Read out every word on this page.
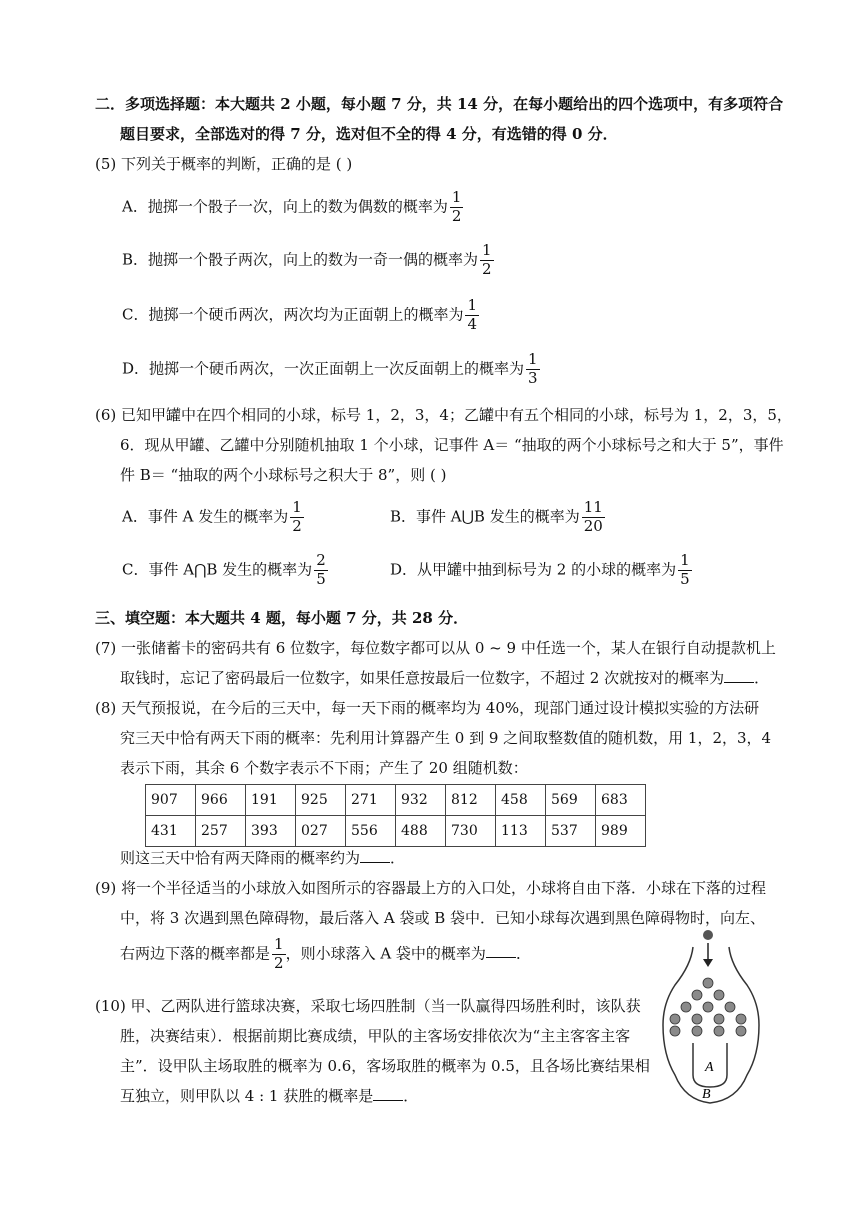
二．多项选择题：本大题共 2 小题，每小题 7 分，共 14 分，在每小题给出的四个选项中，有多项符合
题目要求，全部选对的得 7 分，选对但不全的得 4 分，有选错的得 0 分．
(5) 下列关于概率的判断，正确的是 ( )
A．抛掷一个骰子一次，向上的数为偶数的概率为 $\frac{1}{2}$
B．抛掷一个骰子两次，向上的数为一奇一偶的概率为 $\frac{1}{2}$
C．抛掷一个硬币两次，两次均为正面朝上的概率为 $\frac{1}{4}$
D．抛掷一个硬币两次，一次正面朝上一次反面朝上的概率为 $\frac{1}{3}$
(6) 已知甲罐中在四个相同的小球，标号 1，2，3，4；乙罐中有五个相同的小球，标号为 1，2，3，5，
6．现从甲罐、乙罐中分别随机抽取 1 个小球，记事件 A＝ “抽取的两个小球标号之和大于 5”，事件
件 B＝ “抽取的两个小球标号之积大于 8”，则 ( )
A．事件 A 发生的概率为 $\frac{1}{2}$	B．事件 A⋃B 发生的概率为 $\frac{11}{20}$
C．事件 A⋂B 发生的概率为 $\frac{2}{5}$	D．从甲罐中抽到标号为 2 的小球的概率为 $\frac{1}{5}$
三、填空题：本大题共 4 题，每小题 7 分，共 28 分．
(7) 一张储蓄卡的密码共有 6 位数字，每位数字都可以从 0 ~ 9 中任选一个，某人在银行自动提款机上
取钱时，忘记了密码最后一位数字，如果任意按最后一位数字，不超过 2 次就按对的概率为 ．
(8) 天气预报说，在今后的三天中，每一天下雨的概率均为 40%，现部门通过设计模拟实验的方法研
究三天中恰有两天下雨的概率：先利用计算器产生 0 到 9 之间取整数值的随机数，用 1，2，3，4
表示下雨，其余 6 个数字表示不下雨；产生了 20 组随机数：
907	966	191	925	271	932	812	458	569	683
431	257	393	027	556	488	730	113	537	989
则这三天中恰有两天降雨的概率约为 ．
(9) 将一个半径适当的小球放入如图所示的容器最上方的入口处，小球将自由下落．小球在下落的过程
中，将 3 次遇到黑色障碍物，最后落入 A 袋或 B 袋中．已知小球每次遇到黑色障碍物时，向左、
右两边下落的概率都是 $\frac{1}{2}$ ，则小球落入 A 袋中的概率为 ．
(10) 甲、乙两队进行篮球决赛，采取七场四胜制（当一队赢得四场胜利时，该队获
胜，决赛结束）．根据前期比赛成绩，甲队的主客场安排依次为“主主客客主客
主”．设甲队主场取胜的概率为 0.6，客场取胜的概率为 0.5，且各场比赛结果相
互独立，则甲队以 4 : 1 获胜的概率是 ．
A
B
